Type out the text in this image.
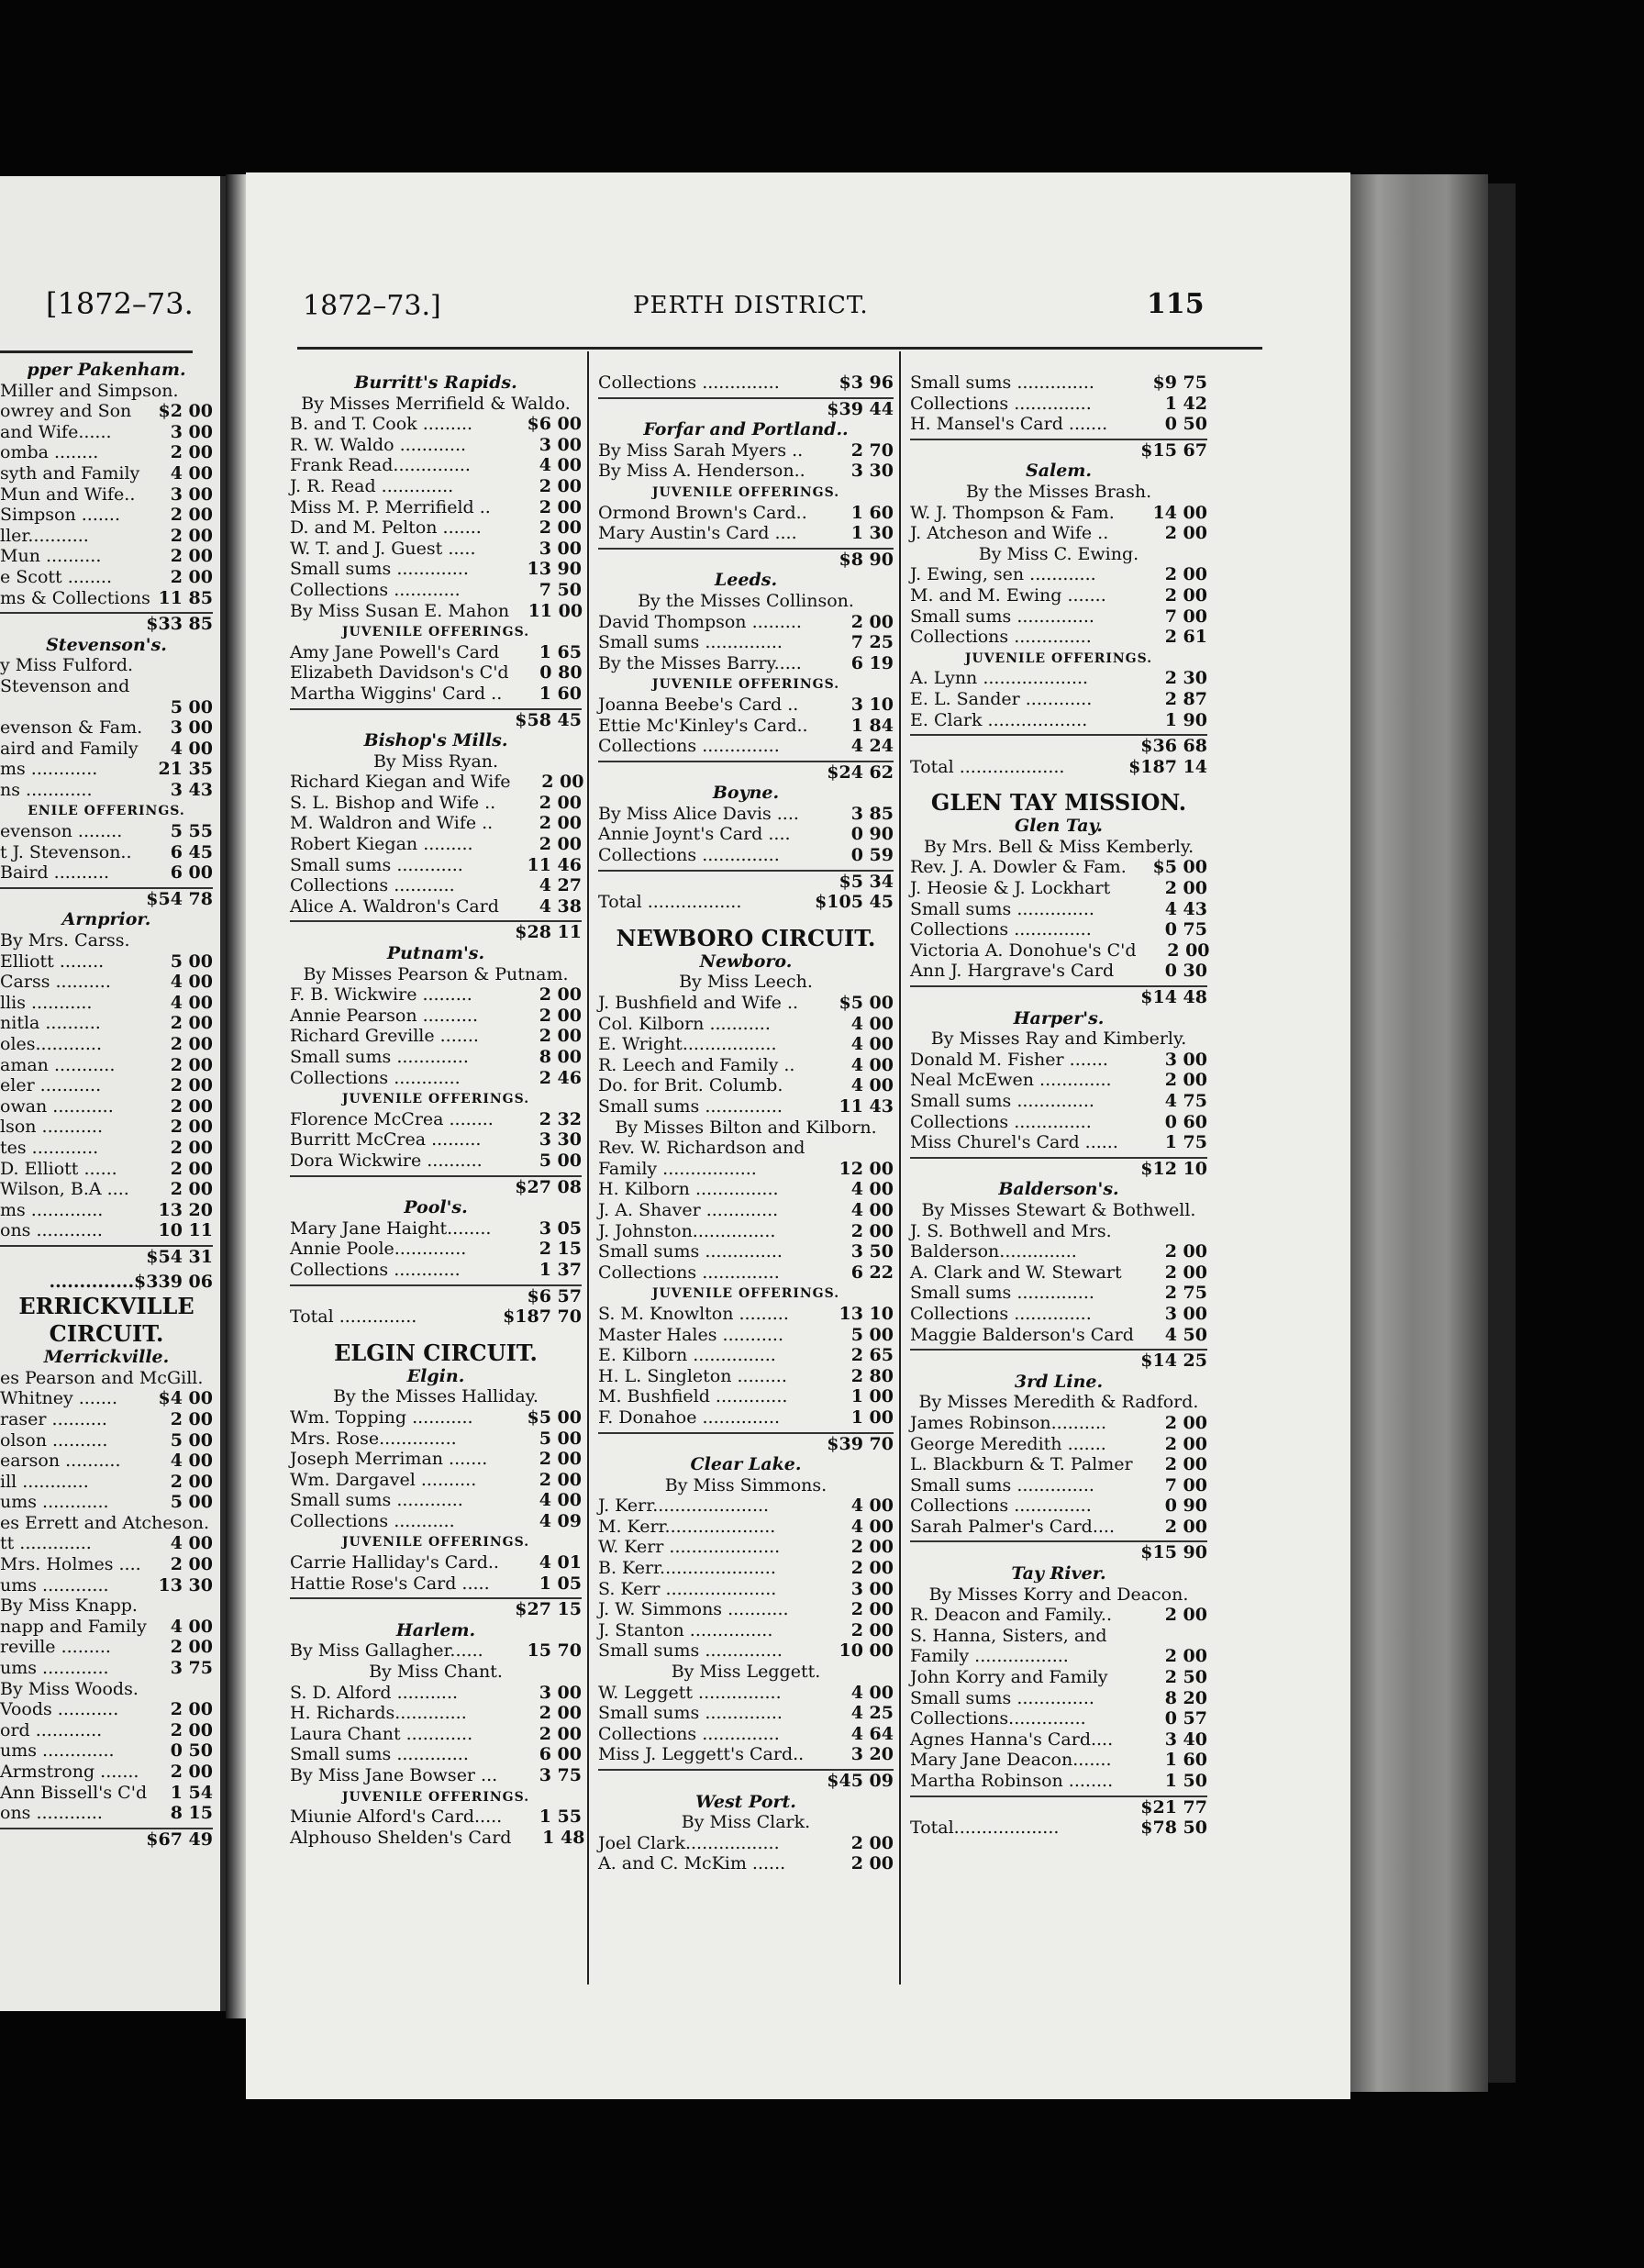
[1872–73.
pper Pakenham.
Miller and Simpson.
owrey and Son $2 00
and Wife......	3 00
omba ........	2 00
syth and Family 4 00
Mun and Wife.. 3 00
Simpson .......	2 00
ller...........	2 00
Mun ..........	2 00
e Scott ........	2 00
ms & Collections 11 85
$33 85
Stevenson's.
y Miss Fulford.
Stevenson and
5 00
evenson & Fam. 3 00
aird and Family 4 00
ms ............	21 35
ns ............	3 43
ENILE OFFERINGS.
evenson ........	5 55
t J. Stevenson.. 6 45
Baird ..........	6 00
$54 78
Arnprior.
By Mrs. Carss.
Elliott ........	5 00
Carss ..........	4 00
llis ...........	4 00
nitla ..........	2 00
oles............	2 00
aman ...........	2 00
eler ...........	2 00
owan ...........	2 00
lson ...........	2 00
tes ............	2 00
D. Elliott ......	2 00
Wilson, B.A .... 2 00
ms .............	13 20
ons ............	10 11
$54 31
..............$339 06
ERRICKVILLE
CIRCUIT.
Merrickville.
es Pearson and McGill.
Whitney ....... $4 00
raser ..........	2 00
olson ..........	5 00
earson ..........	4 00
ill ............	2 00
ums ............	5 00
es Errett and Atcheson.
tt .............	4 00
Mrs. Holmes .... 2 00
ums ............	13 30
By Miss Knapp.
napp and Family 4 00
reville .........	2 00
ums ............	3 75
By Miss Woods.
Voods ...........	2 00
ord ............	2 00
ums .............	0 50
Armstrong ....... 2 00
Ann Bissell's C'd 1 54
ons ............	8 15
$67 49
1872–73.]	PERTH DISTRICT.	115
Burritt's Rapids.
By Misses Merrifield & Waldo.
B. and T. Cook .........	$6 00
R. W. Waldo ............	3 00
Frank Read..............	4 00
J. R. Read .............	2 00
Miss M. P. Merrifield ..	2 00
D. and M. Pelton .......	2 00
W. T. and J. Guest .....	3 00
Small sums .............	13 90
Collections ............	7 50
By Miss Susan E. Mahon	11 00
JUVENILE OFFERINGS.
Amy Jane Powell's Card	1 65
Elizabeth Davidson's C'd	0 80
Martha Wiggins' Card ..	1 60
$58 45
Bishop's Mills.
By Miss Ryan.
Richard Kiegan and Wife	2 00
S. L. Bishop and Wife ..	2 00
M. Waldron and Wife ..	2 00
Robert Kiegan .........	2 00
Small sums ............	11 46
Collections ...........	4 27
Alice A. Waldron's Card	4 38
$28 11
Putnam's.
By Misses Pearson & Putnam.
F. B. Wickwire .........	2 00
Annie Pearson ..........	2 00
Richard Greville .......	2 00
Small sums .............	8 00
Collections ............	2 46
JUVENILE OFFERINGS.
Florence McCrea ........	2 32
Burritt McCrea .........	3 30
Dora Wickwire ..........	5 00
$27 08
Pool's.
Mary Jane Haight........	3 05
Annie Poole.............	2 15
Collections ............	1 37
$6 57
Total ..............	$187 70
ELGIN CIRCUIT.
Elgin.
By the Misses Halliday.
Wm. Topping ...........	$5 00
Mrs. Rose..............	5 00
Joseph Merriman .......	2 00
Wm. Dargavel ..........	2 00
Small sums ............	4 00
Collections ...........	4 09
JUVENILE OFFERINGS.
Carrie Halliday's Card..	4 01
Hattie Rose's Card .....	1 05
$27 15
Harlem.
By Miss Gallagher......	15 70
By Miss Chant.
S. D. Alford ...........	3 00
H. Richards.............	2 00
Laura Chant ............	2 00
Small sums .............	6 00
By Miss Jane Bowser ...	3 75
JUVENILE OFFERINGS.
Miunie Alford's Card.....	1 55
Alphouso Shelden's Card	1 48
Collections ..............	$3 96
$39 44
Forfar and Portland..
By Miss Sarah Myers ..	2 70
By Miss A. Henderson..	3 30
JUVENILE OFFERINGS.
Ormond Brown's Card..	1 60
Mary Austin's Card ....	1 30
$8 90
Leeds.
By the Misses Collinson.
David Thompson .........	2 00
Small sums ..............	7 25
By the Misses Barry.....	6 19
JUVENILE OFFERINGS.
Joanna Beebe's Card ..	3 10
Ettie Mc'Kinley's Card..	1 84
Collections ..............	4 24
$24 62
Boyne.
By Miss Alice Davis ....	3 85
Annie Joynt's Card ....	0 90
Collections ..............	0 59
$5 34
Total .................	$105 45
NEWBORO CIRCUIT.
Newboro.
By Miss Leech.
J. Bushfield and Wife ..	$5 00
Col. Kilborn ...........	4 00
E. Wright.................	4 00
R. Leech and Family ..	4 00
Do. for Brit. Columb.	4 00
Small sums ..............	11 43
By Misses Bilton and Kilborn.
Rev. W. Richardson and
Family .................	12 00
H. Kilborn ...............	4 00
J. A. Shaver .............	4 00
J. Johnston...............	2 00
Small sums ..............	3 50
Collections ..............	6 22
JUVENILE OFFERINGS.
S. M. Knowlton .........	13 10
Master Hales ...........	5 00
E. Kilborn ...............	2 65
H. L. Singleton .........	2 80
M. Bushfield .............	1 00
F. Donahoe ..............	1 00
$39 70
Clear Lake.
By Miss Simmons.
J. Kerr.....................	4 00
M. Kerr....................	4 00
W. Kerr ....................	2 00
B. Kerr.....................	2 00
S. Kerr ....................	3 00
J. W. Simmons ...........	2 00
J. Stanton ...............	2 00
Small sums ..............	10 00
By Miss Leggett.
W. Leggett ...............	4 00
Small sums ..............	4 25
Collections ..............	4 64
Miss J. Leggett's Card..	3 20
$45 09
West Port.
By Miss Clark.
Joel Clark.................	2 00
A. and C. McKim ......	2 00
Small sums ..............	$9 75
Collections ..............	1 42
H. Mansel's Card .......	0 50
$15 67
Salem.
By the Misses Brash.
W. J. Thompson & Fam.	14 00
J. Atcheson and Wife ..	2 00
By Miss C. Ewing.
J. Ewing, sen ............	2 00
M. and M. Ewing .......	2 00
Small sums ..............	7 00
Collections ..............	2 61
JUVENILE OFFERINGS.
A. Lynn ...................	2 30
E. L. Sander ............	2 87
E. Clark ..................	1 90
$36 68
Total ...................	$187 14
GLEN TAY MISSION.
Glen Tay.
By Mrs. Bell & Miss Kemberly.
Rev. J. A. Dowler & Fam.	$5 00
J. Heosie & J. Lockhart	2 00
Small sums ..............	4 43
Collections ..............	0 75
Victoria A. Donohue's C'd	2 00
Ann J. Hargrave's Card	0 30
$14 48
Harper's.
By Misses Ray and Kimberly.
Donald M. Fisher .......	3 00
Neal McEwen .............	2 00
Small sums ..............	4 75
Collections ..............	0 60
Miss Churel's Card ......	1 75
$12 10
Balderson's.
By Misses Stewart & Bothwell.
J. S. Bothwell and Mrs.
Balderson..............	2 00
A. Clark and W. Stewart	2 00
Small sums ..............	2 75
Collections ..............	3 00
Maggie Balderson's Card	4 50
$14 25
3rd Line.
By Misses Meredith & Radford.
James Robinson..........	2 00
George Meredith .......	2 00
L. Blackburn & T. Palmer	2 00
Small sums ..............	7 00
Collections ..............	0 90
Sarah Palmer's Card....	2 00
$15 90
Tay River.
By Misses Korry and Deacon.
R. Deacon and Family..	2 00
S. Hanna, Sisters, and
Family .................	2 00
John Korry and Family	2 50
Small sums ..............	8 20
Collections..............	0 57
Agnes Hanna's Card....	3 40
Mary Jane Deacon.......	1 60
Martha Robinson ........	1 50
$21 77
Total...................	$78 50
